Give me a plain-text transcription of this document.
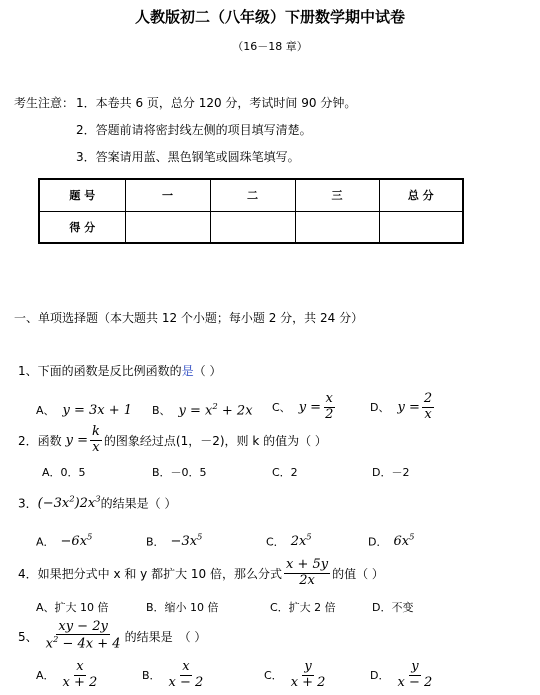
人教版初二（八年级）下册数学期中试卷
（16－18 章）
考生注意： 1．本卷共 6 页，总分 120 分，考试时间 90 分钟。
2．答题前请将密封线左侧的项目填写清楚。
3．答案请用蓝、黑色钢笔或圆珠笔填写。
题 号	一	二	三	总 分
得 分				
一、单项选择题（本大题共 12 个小题；每小题 2 分，共 24 分）
1、下面的函数是反比例函数的是（ ）
A、 y = 3x + 1 B、 $y = x^2 + 2x$ C、 $y = \frac{x}{2}$	D、 $y = \frac{2}{x}$
2．函数 $y = \frac{k}{x}$ 的图象经过点(1，－2)，则 k 的值为（ ）
A．0．5	B．－0．5	C．2	D．－2
3．$(-3x^2)2x^3$的结果是（ ）
A． $-6x^5$	B． $-3x^5$	C． $2x^5$	D． $6x^5$
4．如果把分式中 x 和 y 都扩大 10 倍，那么分式 $\frac{x + 5y}{2x}$ 的值（ ）
A、扩大 10 倍	B．缩小 10 倍	C．扩大 2 倍	D．不变
5、 $\frac{xy - 2y}{x^2 - 4x + 4}$ 的结果是　（ ）
A． $\frac{x}{x + 2}$	B． $\frac{x}{x - 2}$	C． $\frac{y}{x + 2}$	D． $\frac{y}{x - 2}$
